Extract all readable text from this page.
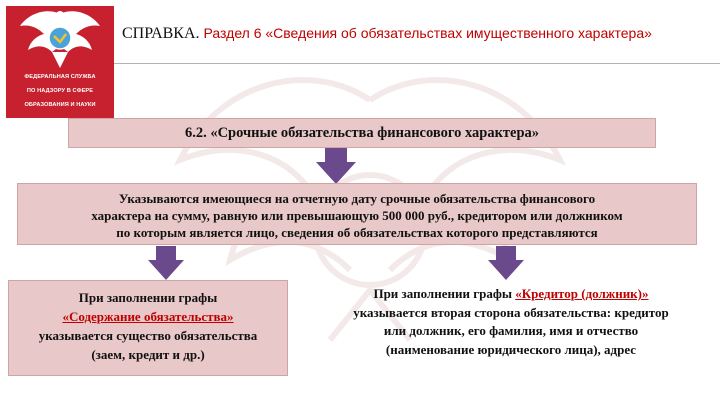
ФЕДЕРАЛЬНАЯ СЛУЖБА
ПО НАДЗОРУ В СФЕРЕ
ОБРАЗОВАНИЯ И НАУКИ
СПРАВКА. Раздел 6 «Сведения об обязательствах имущественного характера»
6.2. «Срочные обязательства финансового характера»
Указываются имеющиеся на отчетную дату срочные обязательства финансового
характера на сумму, равную или превышающую 500 000 руб., кредитором или должником
по которым является лицо, сведения об обязательствах которого представляются
При заполнении графы
«Содержание обязательства»
указывается существо обязательства
(заем, кредит и др.)
При заполнении графы «Кредитор (должник)»
указывается вторая сторона обязательства: кредитор
или должник, его фамилия, имя и отчество
(наименование юридического лица), адрес
